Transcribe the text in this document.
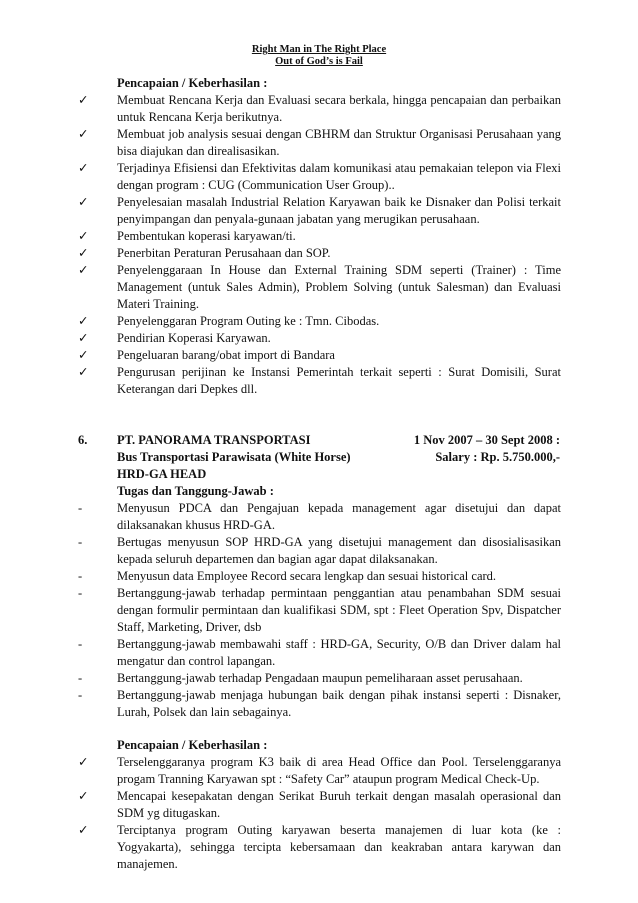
Right Man in The Right Place
Out of God’s is Fail
Pencapaian / Keberhasilan :
✓ Membuat Rencana Kerja dan Evaluasi secara berkala, hingga pencapaian dan perbaikan untuk Rencana Kerja berikutnya.
✓ Membuat job analysis sesuai dengan CBHRM dan Struktur Organisasi Perusahaan yang bisa diajukan dan direalisasikan.
✓ Terjadinya Efisiensi dan Efektivitas dalam komunikasi atau pemakaian telepon via Flexi dengan program : CUG (Communication User Group)..
✓ Penyelesaian masalah Industrial Relation Karyawan baik ke Disnaker dan Polisi terkait penyimpangan dan penyala-gunaan jabatan yang merugikan perusahaan.
✓ Pembentukan koperasi karyawan/ti.
✓ Penerbitan Peraturan Perusahaan dan SOP.
✓ Penyelenggaraan In House dan External Training SDM seperti (Trainer) : Time Management (untuk Sales Admin), Problem Solving (untuk Salesman) dan Evaluasi Materi Training.
✓ Penyelenggaran Program Outing ke : Tmn. Cibodas.
✓ Pendirian Koperasi Karyawan.
✓ Pengeluaran barang/obat import di Bandara
✓ Pengurusan perijinan ke Instansi Pemerintah terkait seperti : Surat Domisili, Surat Keterangan dari Depkes dll.
6. PT. PANORAMA TRANSPORTASI	1 Nov 2007 – 30 Sept 2008 :
Bus Transportasi Parawisata (White Horse)	Salary : Rp. 5.750.000,-
HRD-GA HEAD
Tugas dan Tanggung-Jawab :
-	Menyusun PDCA dan Pengajuan kepada management agar disetujui dan dapat dilaksanakan khusus HRD-GA.
-	Bertugas menyusun SOP HRD-GA yang disetujui management dan disosialisasikan kepada seluruh departemen dan bagian agar dapat dilaksanakan.
-	Menyusun data Employee Record secara lengkap dan sesuai historical card.
-	Bertanggung-jawab terhadap permintaan penggantian atau penambahan SDM sesuai dengan formulir permintaan dan kualifikasi SDM, spt : Fleet Operation Spv, Dispatcher Staff, Marketing, Driver, dsb
-	Bertanggung-jawab membawahi staff : HRD-GA, Security, O/B dan Driver dalam hal mengatur dan control lapangan.
-	Bertanggung-jawab terhadap Pengadaan maupun pemeliharaan asset perusahaan.
-	Bertanggung-jawab menjaga hubungan baik dengan pihak instansi seperti : Disnaker, Lurah, Polsek dan lain sebagainya.
Pencapaian / Keberhasilan :
✓ Terselenggaranya program K3 baik di area Head Office dan Pool. Terselenggaranya progam Tranning Karyawan spt : “Safety Car” ataupun program Medical Check-Up.
✓ Mencapai kesepakatan dengan Serikat Buruh terkait dengan masalah operasional dan SDM yg ditugaskan.
✓ Terciptanya program Outing karyawan beserta manajemen di luar kota (ke : Yogyakarta), sehingga tercipta kebersamaan dan keakraban antara karywan dan manajemen.
